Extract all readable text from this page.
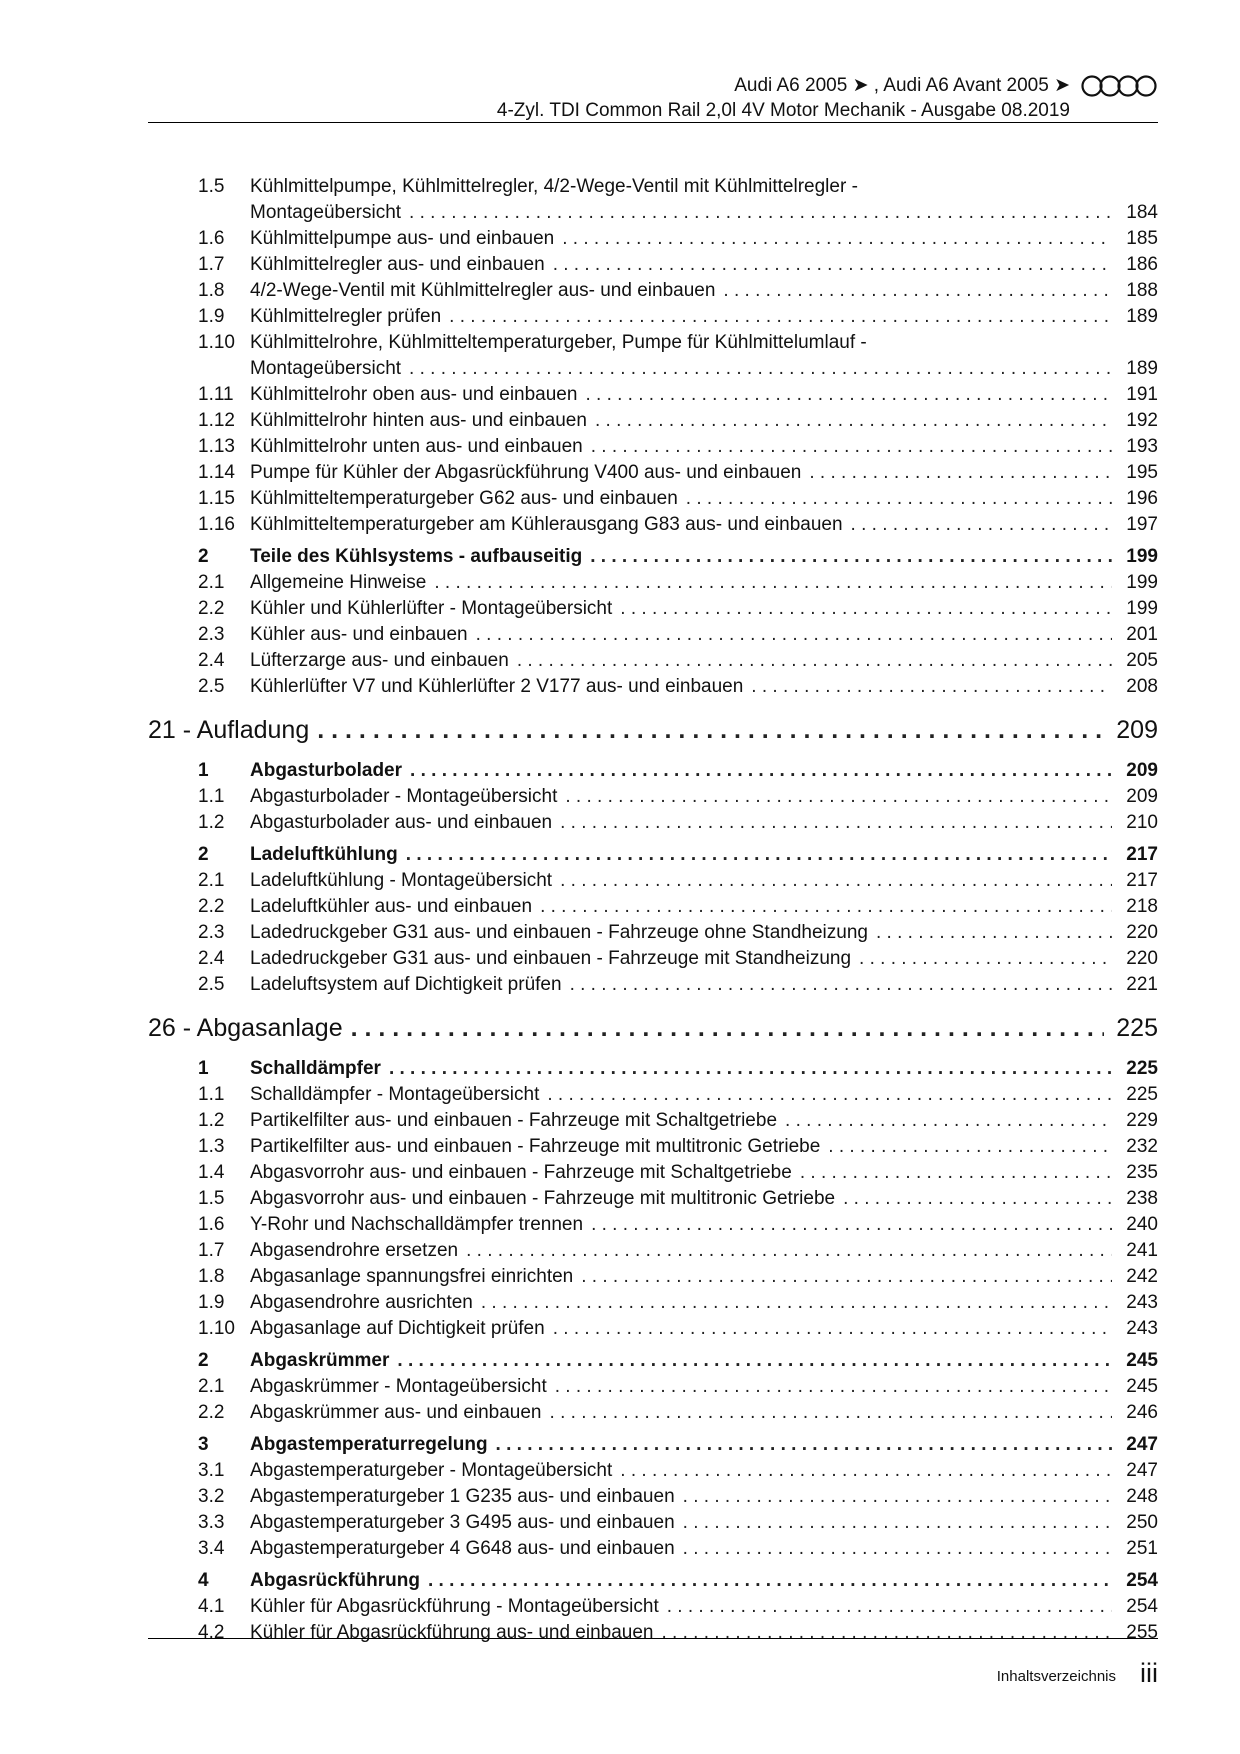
Audi A6 2005 ➤ , Audi A6 Avant 2005 ➤
4-Zyl. TDI Common Rail 2,0l 4V Motor Mechanik - Ausgabe 08.2019
1.5	Kühlmittelpumpe, Kühlmittelregler, 4/2-Wege-Ventil mit Kühlmittelregler -
Montageübersicht . . .	184
1.6	Kühlmittelpumpe aus- und einbauen . . .	185
1.7	Kühlmittelregler aus- und einbauen . . .	186
1.8	4/2-Wege-Ventil mit Kühlmittelregler aus- und einbauen . . .	188
1.9	Kühlmittelregler prüfen . . .	189
1.10 Kühlmittelrohre, Kühlmitteltemperaturgeber, Pumpe für Kühlmittelumlauf -
Montageübersicht . . .	189
1.11 Kühlmittelrohr oben aus- und einbauen . . .	191
1.12 Kühlmittelrohr hinten aus- und einbauen . . .	192
1.13 Kühlmittelrohr unten aus- und einbauen . . .	193
1.14 Pumpe für Kühler der Abgasrückführung V400 aus- und einbauen . . .	195
1.15 Kühlmitteltemperaturgeber G62 aus- und einbauen . . .	196
1.16 Kühlmitteltemperaturgeber am Kühlerausgang G83 aus- und einbauen . . .	197
2	Teile des Kühlsystems - aufbauseitig . . .	199
2.1	Allgemeine Hinweise . . .	199
2.2	Kühler und Kühlerlüfter - Montageübersicht . . .	199
2.3	Kühler aus- und einbauen . . .	201
2.4	Lüfterzarge aus- und einbauen . . .	205
2.5	Kühlerlüfter V7 und Kühlerlüfter 2 V177 aus- und einbauen . . .	208
21 - Aufladung . . .	209
1	Abgasturbolader . . .	209
1.1	Abgasturbolader - Montageübersicht . . .	209
1.2	Abgasturbolader aus- und einbauen . . .	210
2	Ladeluftkühlung . . .	217
2.1	Ladeluftkühlung - Montageübersicht . . .	217
2.2	Ladeluftkühler aus- und einbauen . . .	218
2.3	Ladedruckgeber G31 aus- und einbauen - Fahrzeuge ohne Standheizung . . .	220
2.4	Ladedruckgeber G31 aus- und einbauen - Fahrzeuge mit Standheizung . . .	220
2.5	Ladeluftsystem auf Dichtigkeit prüfen . . .	221
26 - Abgasanlage . . .	225
1	Schalldämpfer . . .	225
1.1	Schalldämpfer - Montageübersicht . . .	225
1.2	Partikelfilter aus- und einbauen - Fahrzeuge mit Schaltgetriebe . . .	229
1.3	Partikelfilter aus- und einbauen - Fahrzeuge mit multitronic Getriebe . . .	232
1.4	Abgasvorrohr aus- und einbauen - Fahrzeuge mit Schaltgetriebe . . .	235
1.5	Abgasvorrohr aus- und einbauen - Fahrzeuge mit multitronic Getriebe . . .	238
1.6	Y-Rohr und Nachschalldämpfer trennen . . .	240
1.7	Abgasendrohre ersetzen . . .	241
1.8	Abgasanlage spannungsfrei einrichten . . .	242
1.9	Abgasendrohre ausrichten . . .	243
1.10 Abgasanlage auf Dichtigkeit prüfen . . .	243
2	Abgaskrümmer . . .	245
2.1	Abgaskrümmer - Montageübersicht . . .	245
2.2	Abgaskrümmer aus- und einbauen . . .	246
3	Abgastemperaturregelung . . .	247
3.1	Abgastemperaturgeber - Montageübersicht . . .	247
3.2	Abgastemperaturgeber 1 G235 aus- und einbauen . . .	248
3.3	Abgastemperaturgeber 3 G495 aus- und einbauen . . .	250
3.4	Abgastemperaturgeber 4 G648 aus- und einbauen . . .	251
4	Abgasrückführung . . .	254
4.1	Kühler für Abgasrückführung - Montageübersicht . . .	254
4.2	Kühler für Abgasrückführung aus- und einbauen . . .	255
Inhaltsverzeichnis iii
